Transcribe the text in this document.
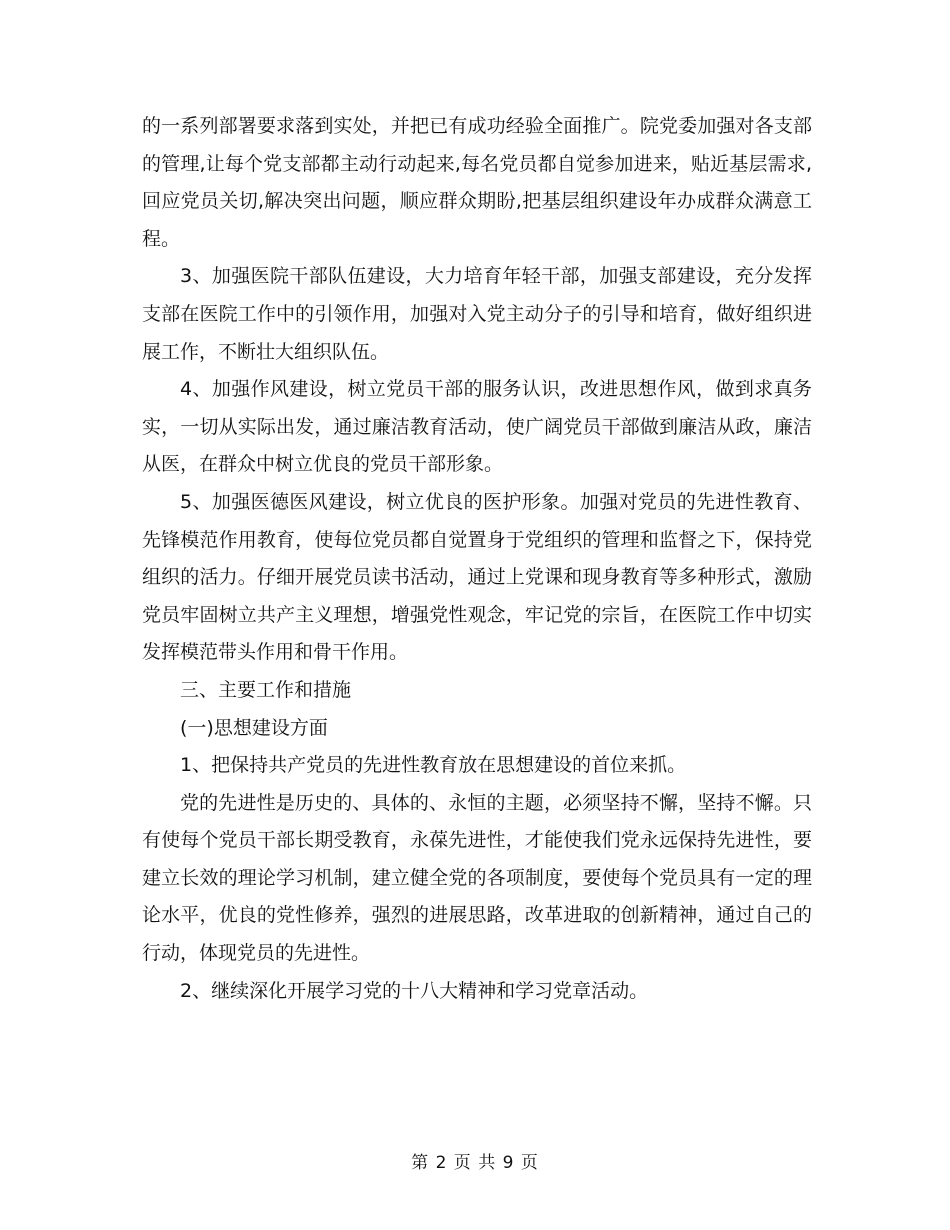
的一系列部署要求落到实处，并把已有成功经验全面推广。院党委加强对各支部的管理,让每个党支部都主动行动起来,每名党员都自觉参加进来，贴近基层需求,回应党员关切,解决突出问题，顺应群众期盼,把基层组织建设年办成群众满意工程。

3、加强医院干部队伍建设，大力培育年轻干部，加强支部建设，充分发挥支部在医院工作中的引领作用，加强对入党主动分子的引导和培育，做好组织进展工作，不断壮大组织队伍。

4、加强作风建设，树立党员干部的服务认识，改进思想作风，做到求真务实，一切从实际出发，通过廉洁教育活动，使广阔党员干部做到廉洁从政，廉洁从医，在群众中树立优良的党员干部形象。

5、加强医德医风建设，树立优良的医护形象。加强对党员的先进性教育、先锋模范作用教育，使每位党员都自觉置身于党组织的管理和监督之下，保持党组织的活力。仔细开展党员读书活动，通过上党课和现身教育等多种形式，激励党员牢固树立共产主义理想，增强党性观念，牢记党的宗旨，在医院工作中切实发挥模范带头作用和骨干作用。

三、主要工作和措施

(一)思想建设方面

1、把保持共产党员的先进性教育放在思想建设的首位来抓。

党的先进性是历史的、具体的、永恒的主题，必须坚持不懈，坚持不懈。只有使每个党员干部长期受教育，永葆先进性，才能使我们党永远保持先进性，要建立长效的理论学习机制，建立健全党的各项制度，要使每个党员具有一定的理论水平，优良的党性修养，强烈的进展思路，改革进取的创新精神，通过自己的行动，体现党员的先进性。

2、继续深化开展学习党的十八大精神和学习党章活动。

第 2 页 共 9 页
